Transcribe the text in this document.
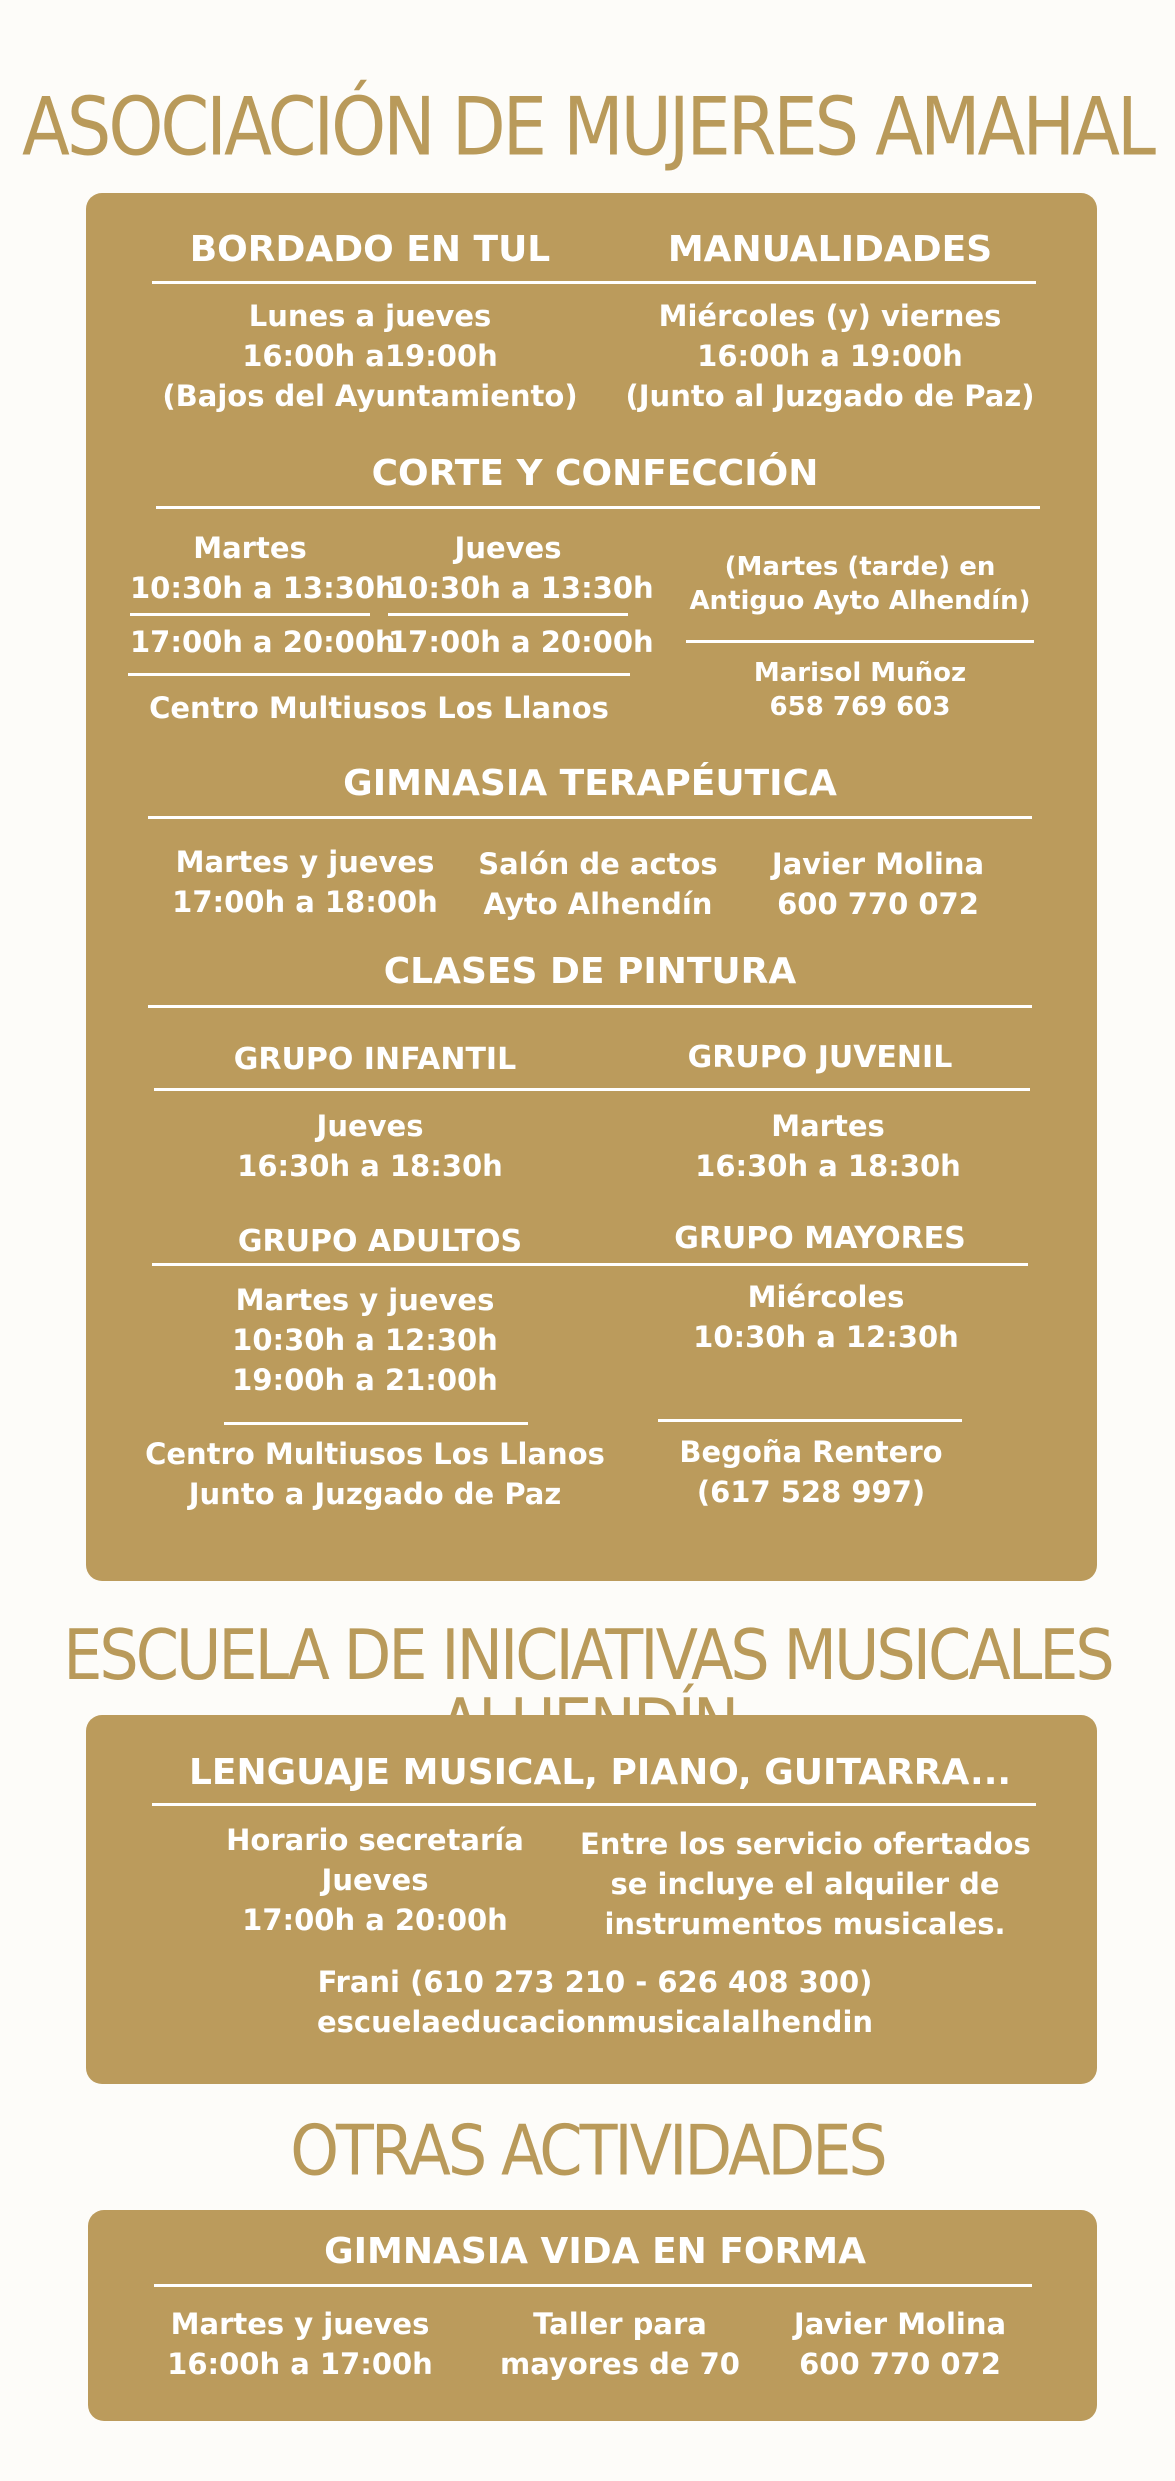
ASOCIACIÓN DE MUJERES AMAHAL
BORDADO EN TUL
Lunes a jueves
16:00h a19:00h
(Bajos del Ayuntamiento)
MANUALIDADES
Miércoles (y) viernes
16:00h a 19:00h
(Junto al Juzgado de Paz)
CORTE Y CONFECCIÓN
Martes
10:30h a 13:30h
17:00h a 20:00h
Jueves
10:30h a 13:30h
17:00h a 20:00h
Centro Multiusos Los Llanos
(Martes (tarde) en
Antiguo Ayto Alhendín)
Marisol Muñoz
658 769 603
GIMNASIA TERAPÉUTICA
Martes y jueves
17:00h a 18:00h
Salón de actos
Ayto Alhendín
Javier Molina
600 770 072
CLASES DE PINTURA
GRUPO INFANTIL	GRUPO JUVENIL
Jueves
16:30h a 18:30h
Martes
16:30h a 18:30h
GRUPO ADULTOS	GRUPO MAYORES
Martes y jueves
10:30h a 12:30h
19:00h a 21:00h
Miércoles
10:30h a 12:30h
Centro Multiusos Los Llanos
Junto a Juzgado de Paz
Begoña Rentero
(617 528 997)
ESCUELA DE INICIATIVAS MUSICALES
LENGUAJE MUSICAL, PIANO, GUITARRA...
Horario secretaría
Jueves
17:00h a 20:00h
Entre los servicio ofertados
se incluye el alquiler de
instrumentos musicales.
Frani (610 273 210 - 626 408 300)
escuelaeducacionmusicalalhendin
OTRAS ACTIVIDADES
GIMNASIA VIDA EN FORMA
Martes y jueves
16:00h a 17:00h
Taller para
mayores de 70
Javier Molina
600 770 072
